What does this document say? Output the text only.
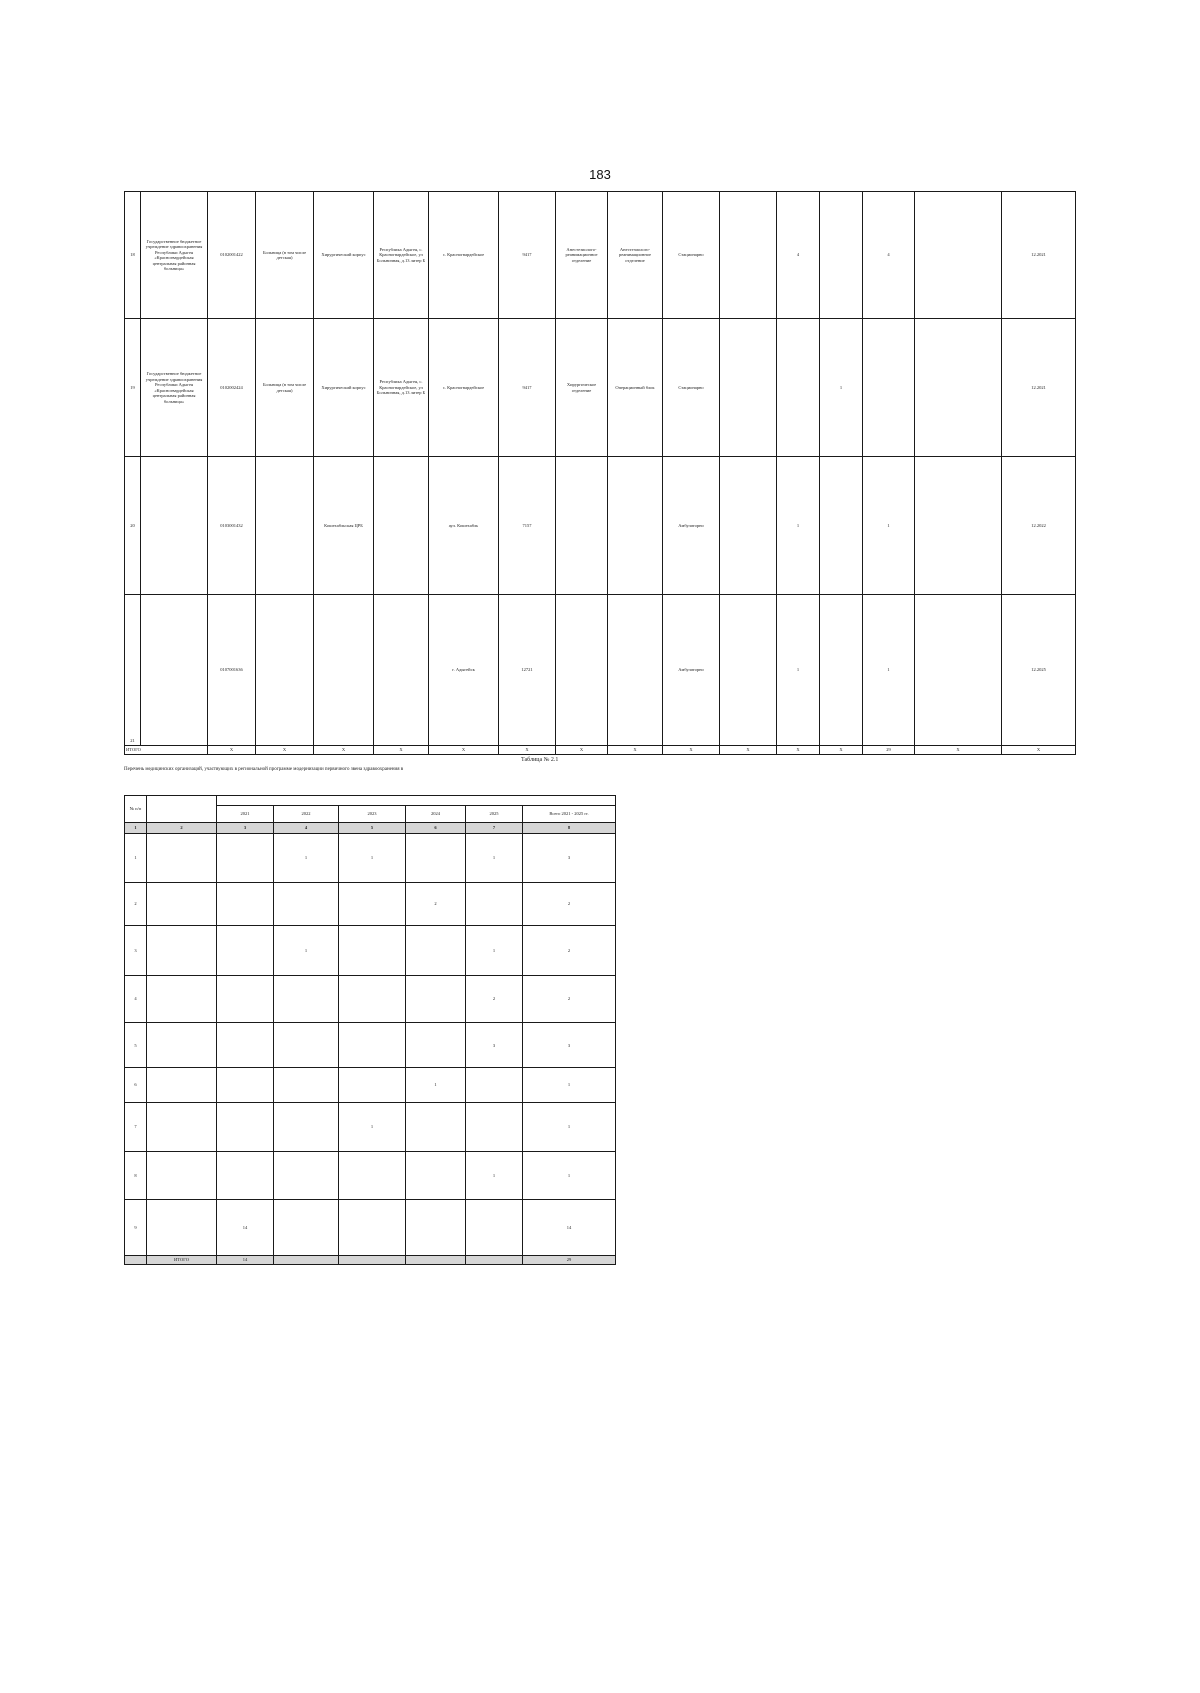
183
18	Государственное бюджетное учреждение здравоохранения Республики Адыгея «Красногвардейская центральная районная больница»	0102001422	Больница (в том числе детская)	Хирургический корпус	Республика Адыгея, с. Красногвардейское, ул Больничная, д.13 литер Б	с. Красногвардейское	9417	Анестезиолого-реанимационное отделение	Анестезиолого-реанимационное отделение	Стационарно		4		4		12.2021
19	Государственное бюджетное учреждение здравоохранения Республики Адыгея «Красногвардейская центральная районная больница»	0102002424	Больница (в том числе детская)	Хирургический корпус	Республика Адыгея, с. Красногвардейское, ул Больничная, д.13 литер Б	с. Красногвардейское	9417	Хирургическое отделение	Операционный блок	Стационарно			1			12.2021
20		0103001432		Кошехабльская ЦРБ		аул. Кошехабль	7157			Амбулаторно		1		1		12.2022
21		0107001636				г. Адыгейск	12721			Амбулаторно		1		1		12.2025
ИТОГО		X	X	X	X	X	X	X	X	X	X	X	X	29	X	X
Таблица № 2.1
Перечень медицинских организаций, участвующих в региональной программе модернизации первичного звена здравоохранения в
№ п/п							
		2021	2022	2023	2024	2025	Всего 2021 - 2025 гг.
1	2	3	4	5	6	7	8
1			1	1		1	3
2					2		2
3			1			1	2
4						2	2
5						3	3
6					1		1
7				1			1
8						1	1
9		14					14
	ИТОГО	14					29
